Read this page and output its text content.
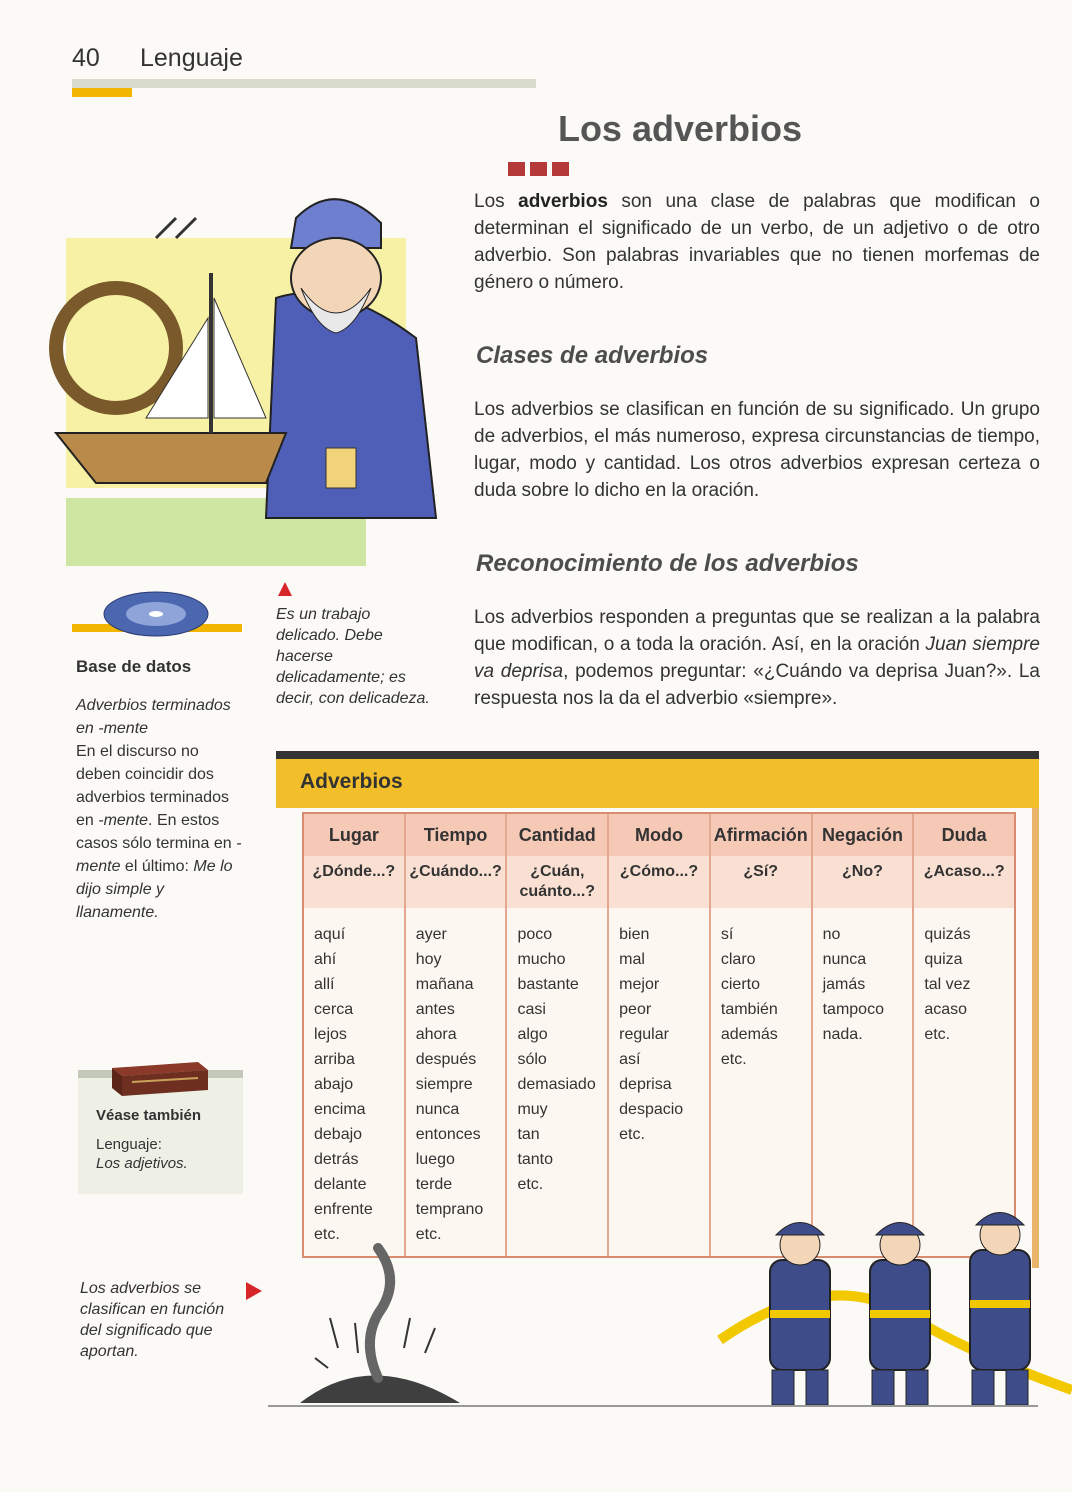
40 Lenguaje
Los adverbios
Los adverbios son una clase de palabras que modifican o determinan el significado de un verbo, de un adjetivo o de otro adverbio. Son palabras invariables que no tienen morfemas de género o número.
Clases de adverbios
Los adverbios se clasifican en función de su significado. Un grupo de adverbios, el más numeroso, expresa circunstancias de tiempo, lugar, modo y cantidad. Los otros adverbios expresan certeza o duda sobre lo dicho en la oración.
Reconocimiento de los adverbios
Los adverbios responden a preguntas que se realizan a la palabra que modifican, o a toda la oración. Así, en la oración Juan siempre va deprisa, podemos preguntar: «¿Cuándo va deprisa Juan?». La respuesta nos la da el adverbio «siempre».
Es un trabajo delicado. Debe hacerse delicadamente; es decir, con delicadeza.
Base de datos
Adverbios terminados en -mente
En el discurso no deben coincidir dos adverbios terminados en -mente. En estos casos sólo termina en -mente el último: Me lo dijo simple y llanamente.
Véase también
Lenguaje:
Los adjetivos.
Los adverbios se clasifican en función del significado que aportan.
Adverbios
Lugar
¿Dónde...?
aquí
ahí
allí
cerca
lejos
arriba
abajo
encima
debajo
detrás
delante
enfrente
etc.
Tiempo
¿Cuándo...?
ayer
hoy
mañana
antes
ahora
después
siempre
nunca
entonces
luego
terde
temprano
etc.
Cantidad
¿Cuán, cuánto...?
poco
mucho
bastante
casi
algo
sólo
demasiado
muy
tan
tanto
etc.
Modo
¿Cómo...?
bien
mal
mejor
peor
regular
así
deprisa
despacio
etc.
Afirmación
¿Sí?
sí
claro
cierto
también
además
etc.
Negación
¿No?
no
nunca
jamás
tampoco
nada.
Duda
¿Acaso...?
quizás
quiza
tal vez
acaso
etc.
